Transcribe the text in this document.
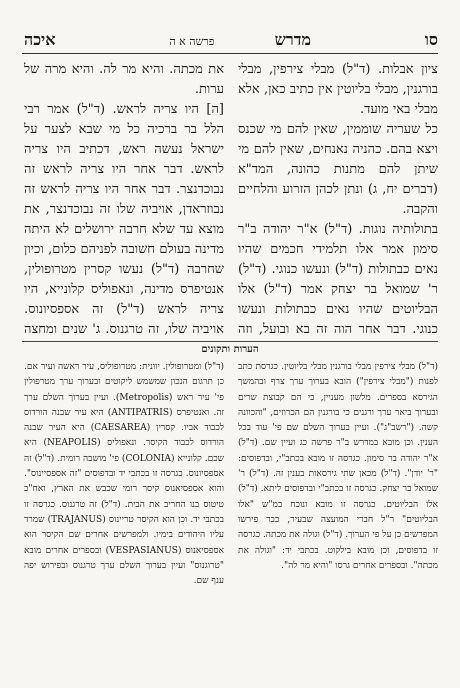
סו
מדרש
פרשה א ה
איכה

ציון אבלות. (ד"ל) מבלי צירפין, מבלי בורגנין, מבלי בליוטין אין כתיב כאן, אלא מבלי באי מועד.

כל שעריה שוממין, שאין להם מי שכנס ויצא בהם. כהניה נאנחים, שאין להם מי שיתן להם מתנות כהונה, המד"א (דברים יח, ג) ונתן לכהן הזרוע והלחיים והקבה.

בתולותיה נוגות. (ד"ל) א"ר יהודה ב"ר סימון אמר אלו תלמידי חכמים שהיו נאים כבתולות (ד"ל) ונעשו כנוגי. (ד"ל) ר' שמואל בר יצחק אמר (ד"ל) אלו הבליוטים שהיו נאים כבתולות ונעשו כנוגי. דבר אחר הוה זה בא ובועל, וזה

את מכתה. והיא מר לה. והיא מרה של ערות.

[ה] היו צריה לראש. (ד"ל) אמר רבי הלל בר ברכיה כל מי שבא לצער על ישראל נעשה ראש, דכתיב היו צריה לראש. דבר אחר היו צריה לראש זה נבוכדנצר. דבר אחר היו צריה לראש זה נבוזראדן, אויביה שלו זה נבוכדנצר, את מוצא עד שלא חרבה ירושלים לא היתה מדינה בעולם חשובה לפניהם כלום, וכיון שחרבה (ד"ל) נעשו קסרין מטרופולין, אנטיפרס מדינה, ונאפוליס קלונייא, היו צריה לראש (ד"ל) זה אספסיונוס. אויביה שלו, זה טרגנוס. ג' שנים ומחצה

הערות ותקונים

(ד"ל) מבלי צירפין מבלי בורגנין מבלי בליוטין. כגרסת כתב לפנות ("מבלי צירפין") הובא בערוך ערך צרף ובהמשך הגירסא בספרים. מלשון מעניין, כי הם קבוצת שרים ובערוך ביאר ערך ורגנים כי בורגנין הם הכרוזים, "והכוונה קשה. ("רשב"ג"). ועיין בערוך השלם שם פי' עוד בכל הענין. וכן מובא במדרש ב"ר פרשה כג ועיין שם. (ד"ל) א"ר יהודה בר סימון. כגרסה זו מובא בכתב"י, ובדפוסים: "ר' יודן". (ד"ל) מכאן שתי גירסאות בענין זה. (ד"ל) ר' שמואל בר יצחק. כגרסה זו בכתב"י ובדפוסים ליתא. (ד"ל) אלו הבליוטים. כגרסה זו מובא ונוכח במ"ש "אלו הבליוטים" ר"ל חברי המועצה שבעיר, כבר פירשו המפרשים כן על פי הערוך. (ד"ל) וגולה את מכתה. כגרסה זו בדפוסים, וכן מובא בילקוט. בכתבי יד: "וגולה את מכתה". ובספרים אחרים גרסו "והיא מר לה".

(ד"ל) ומטרופולין. יוונית: מטרופוליס, עיר ראשה ועיר אם. כן תרגום הנכון שמשמש ליקוטים ובערוך ערך מטרפולין פי' עיר ראש (Metropolis). ועיין בערוך השלם ערך זה. ואנטיפרס (ANTIPATRIS) היא עיר שבנה הורדוס לכבוד אביו. קסרין (CAESAREA) היא העיר שבנה הורדוס לכבוד הקיסר. ונאפוליס (NEAPOLIS) היא שכם. קלונייא (COLONIA) פי' מושבה רומית. (ד"ל) זה אספסיונוס. כגרסה זו בכתבי יד ובדפוסים "זה אספסיינוס". והוא אספסיאנוס קיסר רומי שכבש את הארץ, ואח"כ טיטוס בנו החריב את הבית. (ד"ל) זה טרגנוס. כגרסה זו בכתבי יד. וכן הוא הקיסר טריינוס (TRAJANUS) שמרד עליו היהודים בימיו. ולמפרשים אחרים שם הקיסר הוא אספסיאנוס (VESPASIANUS) ובספרים אחרים מובא "טרוגנוס" ועיין בערוך השלם ערך טרגנוס ובפירוש יפה ענף שם.
